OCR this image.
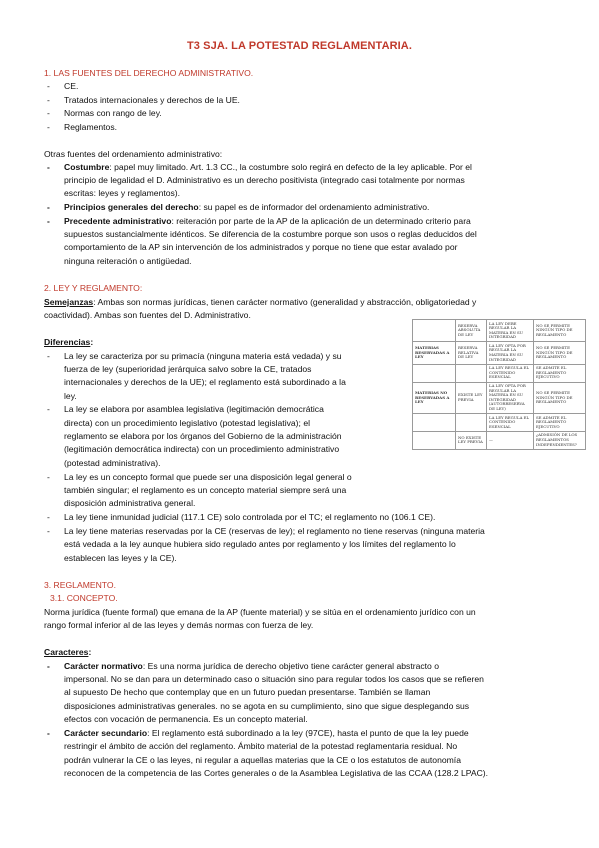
T3 SJA. LA POTESTAD REGLAMENTARIA.
1. LAS FUENTES DEL DERECHO ADMINISTRATIVO.
- CE.
- Tratados internacionales y derechos de la UE.
- Normas con rango de ley.
- Reglamentos.
Otras fuentes del ordenamiento administrativo:
- Costumbre: papel muy limitado. Art. 1.3 CC., la costumbre solo regirá en defecto de la ley aplicable. Por el
principio de legalidad el D. Administrativo es un derecho positivista (integrado casi totalmente por normas
escritas: leyes y reglamentos).
- Principios generales del derecho: su papel es de informador del ordenamiento administrativo.
- Precedente administrativo: reiteración por parte de la AP de la aplicación de un determinado criterio para
supuestos sustancialmente idénticos. Se diferencia de la costumbre porque son usos o reglas deducidos del
comportamiento de la AP sin intervención de los administrados y porque no tiene que estar avalado por
ninguna reiteración o antigüedad.
2. LEY Y REGLAMENTO:
Semejanzas: Ambas son normas jurídicas, tienen carácter normativo (generalidad y abstracción, obligatoriedad y
coactividad). Ambas son fuentes del D. Administrativo.
Diferencias:
- La ley se caracteriza por su primacía (ninguna materia está vedada) y su
fuerza de ley (superioridad jerárquica salvo sobre la CE, tratados
internacionales y derechos de la UE); el reglamento está subordinado a la
ley.
- La ley se elabora por asamblea legislativa (legitimación democrática
directa) con un procedimiento legislativo (potestad legislativa); el
reglamento se elabora por los órganos del Gobierno de la administración
(legitimación democrática indirecta) con un procedimiento administrativo
(potestad administrativa).
- La ley es un concepto formal que puede ser una disposición legal general o
también singular; el reglamento es un concepto material siempre será una
disposición administrativa general.
- La ley tiene inmunidad judicial (117.1 CE) solo controlada por el TC; el reglamento no (106.1 CE).
- La ley tiene materias reservadas por la CE (reservas de ley); el reglamento no tiene reservas (ninguna materia
está vedada a la ley aunque hubiera sido regulado antes por reglamento y los límites del reglamento lo
establecen las leyes y la CE).
	RESERVA ABSOLUTA DE LEY	LA LEY DEBE REGULAR LA MATERIA EN SU INTEGRIDAD	NO SE PERMITE NINGÚN TIPO DE REGLAMENTO
MATERIAS RESERVADAS A LEY	RESERVA RELATIVA DE LEY	LA LEY OPTA POR REGULAR LA MATERIA EN SU INTEGRIDAD	NO SE PERMITE NINGÚN TIPO DE REGLAMENTO
		LA LEY REGULA EL CONTENIDO ESENCIAL	SE ADMITE EL REGLAMENTO EJECUTIVO
MATERIAS NO RESERVADAS A LEY	EXISTE LEY PREVIA	LA LEY OPTA POR REGULAR LA MATERIA EN SU INTEGRIDAD (AUTORRESERVA DE LEY)	NO SE PERMITE NINGÚN TIPO DE REGLAMENTO
		LA LEY REGULA EL CONTENIDO ESENCIAL	SE ADMITE EL REGLAMENTO EJECUTIVO
	NO EXISTE LEY PREVIA	—	¿ADMISIÓN DE LOS REGLAMENTOS INDEPENDIENTES?
3. REGLAMENTO.
3.1. CONCEPTO.
Norma jurídica (fuente formal) que emana de la AP (fuente material) y se sitúa en el ordenamiento jurídico con un
rango formal inferior al de las leyes y demás normas con fuerza de ley.
Caracteres:
- Carácter normativo: Es una norma jurídica de derecho objetivo tiene carácter general abstracto o
impersonal. No se dan para un determinado caso o situación sino para regular todos los casos que se refieren
al supuesto De hecho que contemplay que en un futuro puedan presentarse. También se llaman
disposiciones administrativas generales. no se agota en su cumplimiento, sino que sigue desplegando sus
efectos con vocación de permanencia. Es un concepto material.
- Carácter secundario: El reglamento está subordinado a la ley (97CE), hasta el punto de que la ley puede
restringir el ámbito de acción del reglamento. Ámbito material de la potestad reglamentaria residual. No
podrán vulnerar la CE o las leyes, ni regular a aquellas materias que la CE o los estatutos de autonomía
reconocen de la competencia de las Cortes generales o de la Asamblea Legislativa de las CCAA (128.2 LPAC).
